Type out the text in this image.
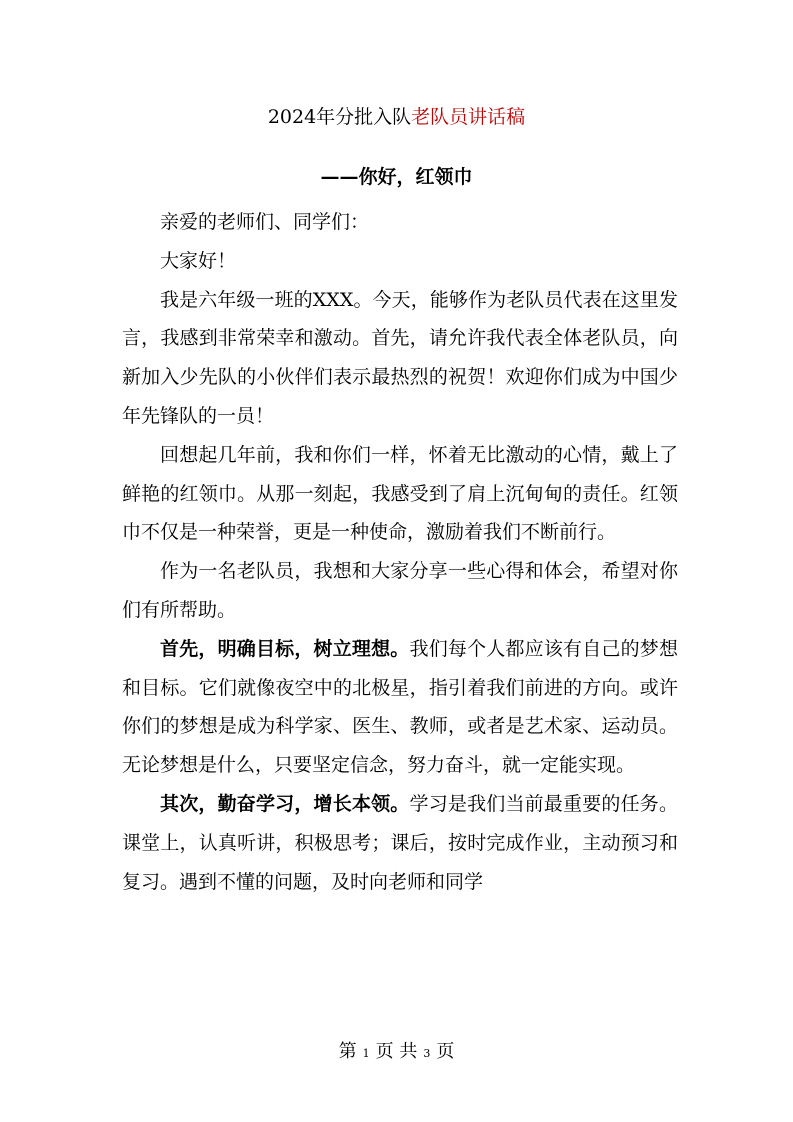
2024年分批入队老队员讲话稿
——你好，红领巾

亲爱的老师们、同学们：

大家好！

我是六年级一班的XXX。今天，能够作为老队员代表在这里发言，我感到非常荣幸和激动。首先，请允许我代表全体老队员，向新加入少先队的小伙伴们表示最热烈的祝贺！欢迎你们成为中国少年先锋队的一员！

回想起几年前，我和你们一样，怀着无比激动的心情，戴上了鲜艳的红领巾。从那一刻起，我感受到了肩上沉甸甸的责任。红领巾不仅是一种荣誉，更是一种使命，激励着我们不断前行。

作为一名老队员，我想和大家分享一些心得和体会，希望对你们有所帮助。

首先，明确目标，树立理想。我们每个人都应该有自己的梦想和目标。它们就像夜空中的北极星，指引着我们前进的方向。或许你们的梦想是成为科学家、医生、教师，或者是艺术家、运动员。无论梦想是什么，只要坚定信念，努力奋斗，就一定能实现。

其次，勤奋学习，增长本领。学习是我们当前最重要的任务。课堂上，认真听讲，积极思考；课后，按时完成作业，主动预习和复习。遇到不懂的问题，及时向老师和同学

第 1 页 共 3 页
